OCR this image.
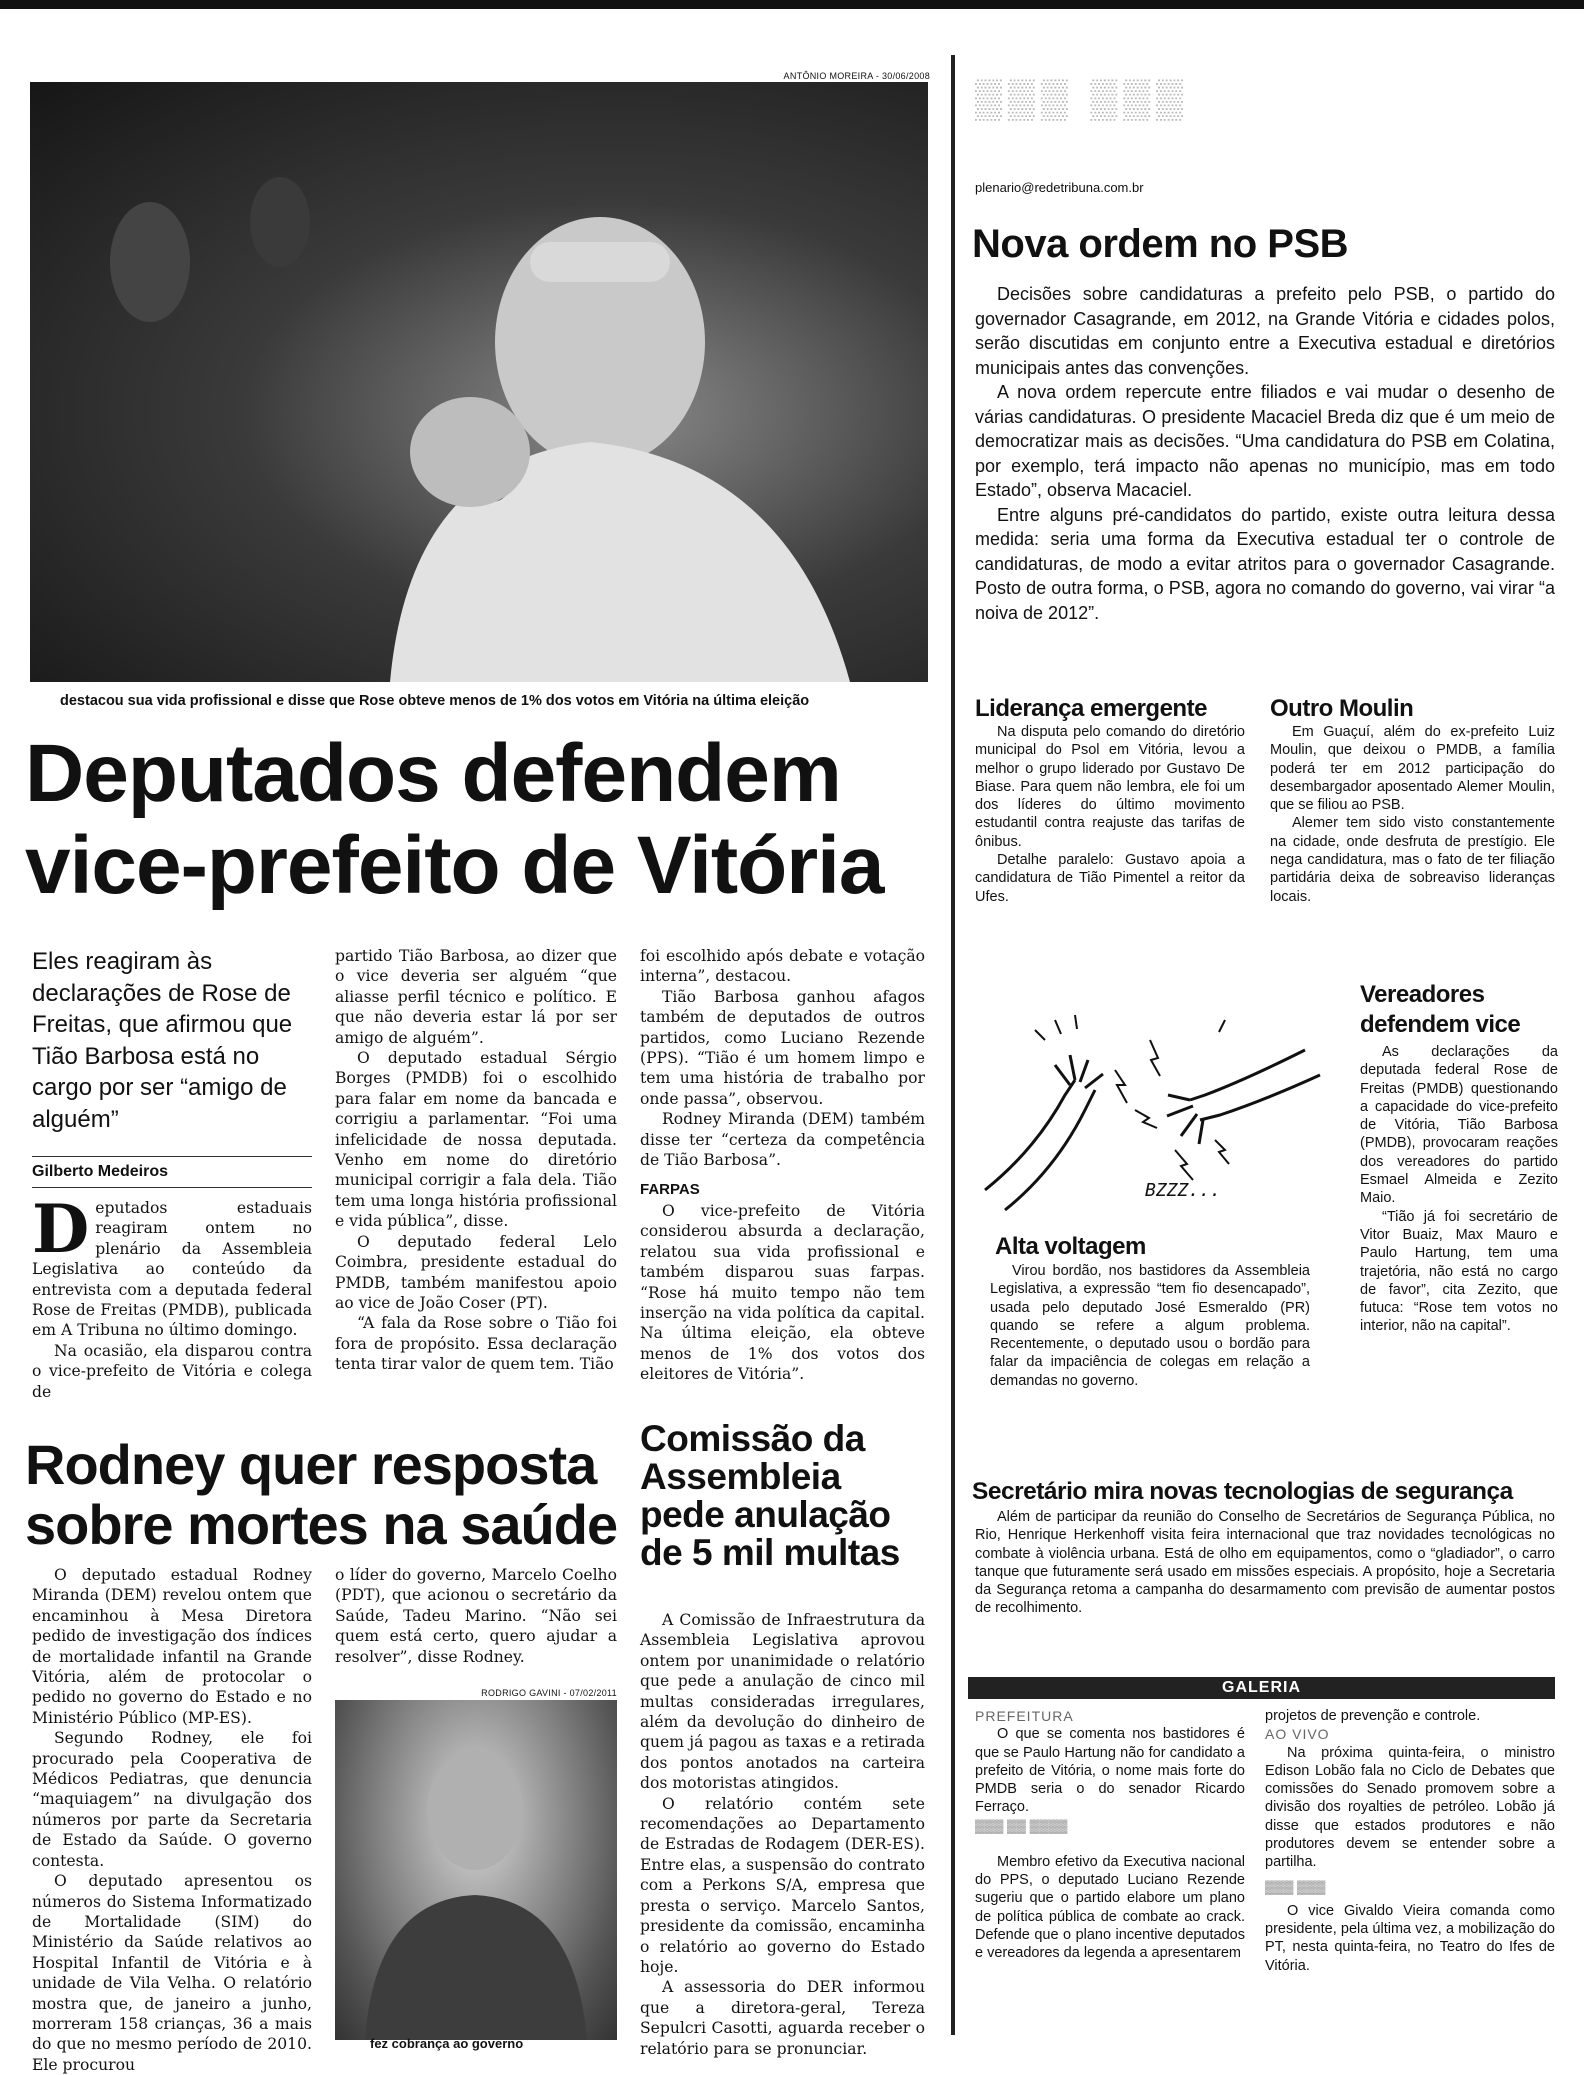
ANTÔNIO MOREIRA - 30/06/2008
destacou sua vida profissional e disse que Rose obteve menos de 1% dos votos em Vitória na última eleição
Deputados defendem
vice-prefeito de Vitória
Eles reagiram às declarações de Rose de Freitas, que afirmou que Tião Barbosa está no cargo por ser “amigo de alguém”
Gilberto Medeiros
D eputados estaduais reagiram ontem no plenário da Assembleia Legislativa ao conteúdo da entrevista com a deputada federal Rose de Freitas (PMDB), publicada em A Tribuna no último domingo.

Na ocasião, ela disparou contra o vice-prefeito de Vitória e colega de

partido Tião Barbosa, ao dizer que o vice deveria ser alguém “que aliasse perfil técnico e político. E que não deveria estar lá por ser amigo de alguém”.

O deputado estadual Sérgio Borges (PMDB) foi o escolhido para falar em nome da bancada e corrigiu a parlamentar. “Foi uma infelicidade de nossa deputada. Venho em nome do diretório municipal corrigir a fala dela. Tião tem uma longa história profissional e vida pública”, disse.

O deputado federal Lelo Coimbra, presidente estadual do PMDB, também manifestou apoio ao vice de João Coser (PT).

“A fala da Rose sobre o Tião foi fora de propósito. Essa declaração tenta tirar valor de quem tem. Tião

foi escolhido após debate e votação interna”, destacou.

Tião Barbosa ganhou afagos também de deputados de outros partidos, como Luciano Rezende (PPS). “Tião é um homem limpo e tem uma história de trabalho por onde passa”, observou.

Rodney Miranda (DEM) também disse ter “certeza da competência de Tião Barbosa”.

FARPAS

O vice-prefeito de Vitória considerou absurda a declaração, relatou sua vida profissional e também disparou suas farpas. “Rose há muito tempo não tem inserção na vida política da capital. Na última eleição, ela obteve menos de 1% dos votos dos eleitores de Vitória”.

Rodney quer resposta
sobre mortes na saúde

O deputado estadual Rodney Miranda (DEM) revelou ontem que encaminhou à Mesa Diretora pedido de investigação dos índices de mortalidade infantil na Grande Vitória, além de protocolar o pedido no governo do Estado e no Ministério Público (MP-ES).

Segundo Rodney, ele foi procurado pela Cooperativa de Médicos Pediatras, que denuncia “maquiagem” na divulgação dos números por parte da Secretaria de Estado da Saúde. O governo contesta.

O deputado apresentou os números do Sistema Informatizado de Mortalidade (SIM) do Ministério da Saúde relativos ao Hospital Infantil de Vitória e à unidade de Vila Velha. O relatório mostra que, de janeiro a junho, morreram 158 crianças, 36 a mais do que no mesmo período de 2010. Ele procurou

o líder do governo, Marcelo Coelho (PDT), que acionou o secretário da Saúde, Tadeu Marino. “Não sei quem está certo, quero ajudar a resolver”, disse Rodney.

RODRIGO GAVINI - 07/02/2011
fez cobrança ao governo
Comissão da
Assembleia
pede anulação
de 5 mil multas

A Comissão de Infraestrutura da Assembleia Legislativa aprovou ontem por unanimidade o relatório que pede a anulação de cinco mil multas consideradas irregulares, além da devolução do dinheiro de quem já pagou as taxas e a retirada dos pontos anotados na carteira dos motoristas atingidos.

O relatório contém sete recomendações ao Departamento de Estradas de Rodagem (DER-ES). Entre elas, a suspensão do contrato com a Perkons S/A, empresa que presta o serviço. Marcelo Santos, presidente da comissão, encaminha o relatório ao governo do Estado hoje.

A assessoria do DER informou que a diretora-geral, Tereza Sepulcri Casotti, aguarda receber o relatório para se pronunciar.

▒▒▒ ▒▒▒
plenario@redetribuna.com.br
Nova ordem no PSB

Decisões sobre candidaturas a prefeito pelo PSB, o partido do governador Casagrande, em 2012, na Grande Vitória e cidades polos, serão discutidas em conjunto entre a Executiva estadual e diretórios municipais antes das convenções.

A nova ordem repercute entre filiados e vai mudar o desenho de várias candidaturas. O presidente Macaciel Breda diz que é um meio de democratizar mais as decisões. “Uma candidatura do PSB em Colatina, por exemplo, terá impacto não apenas no município, mas em todo Estado”, observa Macaciel.

Entre alguns pré-candidatos do partido, existe outra leitura dessa medida: seria uma forma da Executiva estadual ter o controle de candidaturas, de modo a evitar atritos para o governador Casagrande. Posto de outra forma, o PSB, agora no comando do governo, vai virar “a noiva de 2012”.

Liderança emergente

Na disputa pelo comando do diretório municipal do Psol em Vitória, levou a melhor o grupo liderado por Gustavo De Biase. Para quem não lembra, ele foi um dos líderes do último movimento estudantil contra reajuste das tarifas de ônibus.

Detalhe paralelo: Gustavo apoia a candidatura de Tião Pimentel a reitor da Ufes.

Outro Moulin

Em Guaçuí, além do ex-prefeito Luiz Moulin, que deixou o PMDB, a família poderá ter em 2012 participação do desembargador aposentado Alemer Moulin, que se filiou ao PSB.

Alemer tem sido visto constantemente na cidade, onde desfruta de prestígio. Ele nega candidatura, mas o fato de ter filiação partidária deixa de sobreaviso lideranças locais.

BZZZ...
Alta voltagem

Virou bordão, nos bastidores da Assembleia Legislativa, a expressão “tem fio desencapado”, usada pelo deputado José Esmeraldo (PR) quando se refere a algum problema. Recentemente, o deputado usou o bordão para falar da impaciência de colegas em relação a demandas no governo.

Vereadores
defendem vice

As declarações da deputada federal Rose de Freitas (PMDB) questionando a capacidade do vice-prefeito de Vitória, Tião Barbosa (PMDB), provocaram reações dos vereadores do partido Esmael Almeida e Zezito Maio.

“Tião já foi secretário de Vitor Buaiz, Max Mauro e Paulo Hartung, tem uma trajetória, não está no cargo de favor”, cita Zezito, que futuca: “Rose tem votos no interior, não na capital”.

Secretário mira novas tecnologias de segurança

Além de participar da reunião do Conselho de Secretários de Segurança Pública, no Rio, Henrique Herkenhoff visita feira internacional que traz novidades tecnológicas no combate à violência urbana. Está de olho em equipamentos, como o “gladiador”, o carro tanque que futuramente será usado em missões especiais. A propósito, hoje a Secretaria da Segurança retoma a campanha do desarmamento com previsão de aumentar postos de recolhimento.

GALERIA

PREFEITURA

O que se comenta nos bastidores é que se Paulo Hartung não for candidato a prefeito de Vitória, o nome mais forte do PMDB seria o do senador Ricardo Ferraço.

▓▓▓ ▓▓ ▓▓▓▓

Membro efetivo da Executiva nacional do PPS, o deputado Luciano Rezende sugeriu que o partido elabore um plano de política pública de combate ao crack. Defende que o plano incentive deputados e vereadores da legenda a apresentarem

projetos de prevenção e controle.

AO VIVO

Na próxima quinta-feira, o ministro Edison Lobão fala no Ciclo de Debates que comissões do Senado promovem sobre a divisão dos royalties de petróleo. Lobão já disse que estados produtores e não produtores devem se entender sobre a partilha.

▓▓▓ ▓▓▓

O vice Givaldo Vieira comanda como presidente, pela última vez, a mobilização do PT, nesta quinta-feira, no Teatro do Ifes de Vitória.
